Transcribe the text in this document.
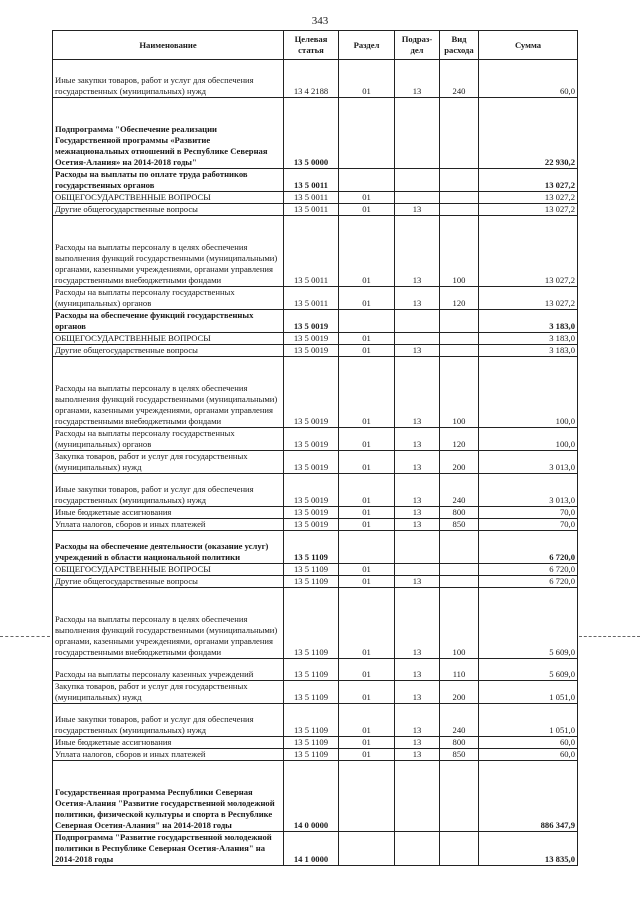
343
Наименование	Целевая статья	Раздел	Подраз- дел	Вид расхода	Сумма
Иные закупки товаров, работ и услуг для обеспечения государственных (муниципальных) нужд	13 4 2188	01	13	240	60,0
Подпрограмма "Обеспечение реализации Государственной программы «Развитие межнациональных отношений в Республике Северная Осетия-Алания» на 2014-2018 годы"	13 5 0000				22 930,2
Расходы на выплаты по оплате труда работников государственных органов	13 5 0011				13 027,2
ОБЩЕГОСУДАРСТВЕННЫЕ ВОПРОСЫ	13 5 0011	01			13 027,2
Другие общегосударственные вопросы	13 5 0011	01	13		13 027,2
Расходы на выплаты персоналу в целях обеспечения выполнения функций государственными (муниципальными) органами, казенными учреждениями, органами управления государственными внебюджетными фондами	13 5 0011	01	13	100	13 027,2
Расходы на выплаты персоналу государственных (муниципальных) органов	13 5 0011	01	13	120	13 027,2
Расходы на обеспечение функций государственных органов	13 5 0019				3 183,0
ОБЩЕГОСУДАРСТВЕННЫЕ ВОПРОСЫ	13 5 0019	01			3 183,0
Другие общегосударственные вопросы	13 5 0019	01	13		3 183,0
Расходы на выплаты персоналу в целях обеспечения выполнения функций государственными (муниципальными) органами, казенными учреждениями, органами управления государственными внебюджетными фондами	13 5 0019	01	13	100	100,0
Расходы на выплаты персоналу государственных (муниципальных) органов	13 5 0019	01	13	120	100,0
Закупка товаров, работ и услуг для государственных (муниципальных) нужд	13 5 0019	01	13	200	3 013,0
Иные закупки товаров, работ и услуг для обеспечения государственных (муниципальных) нужд	13 5 0019	01	13	240	3 013,0
Иные бюджетные ассигнования	13 5 0019	01	13	800	70,0
Уплата налогов, сборов и иных платежей	13 5 0019	01	13	850	70,0
Расходы на обеспечение деятельности (оказание услуг) учреждений в области национальной политики	13 5 1109				6 720,0
ОБЩЕГОСУДАРСТВЕННЫЕ ВОПРОСЫ	13 5 1109	01			6 720,0
Другие общегосударственные вопросы	13 5 1109	01	13		6 720,0
Расходы на выплаты персоналу в целях обеспечения выполнения функций государственными (муниципальными) органами, казенными учреждениями, органами управления государственными внебюджетными фондами	13 5 1109	01	13	100	5 609,0
Расходы на выплаты персоналу казенных учреждений	13 5 1109	01	13	110	5 609,0
Закупка товаров, работ и услуг для государственных (муниципальных) нужд	13 5 1109	01	13	200	1 051,0
Иные закупки товаров, работ и услуг для обеспечения государственных (муниципальных) нужд	13 5 1109	01	13	240	1 051,0
Иные бюджетные ассигнования	13 5 1109	01	13	800	60,0
Уплата налогов, сборов и иных платежей	13 5 1109	01	13	850	60,0
Государственная программа Республики Северная Осетия-Алания "Развитие государственной молодежной политики, физической культуры и спорта в Республике Северная Осетия-Алания" на 2014-2018 годы	14 0 0000				886 347,9
Подпрограмма "Развитие государственной молодежной политики в Республике Северная Осетия-Алания" на 2014-2018 годы	14 1 0000				13 835,0
